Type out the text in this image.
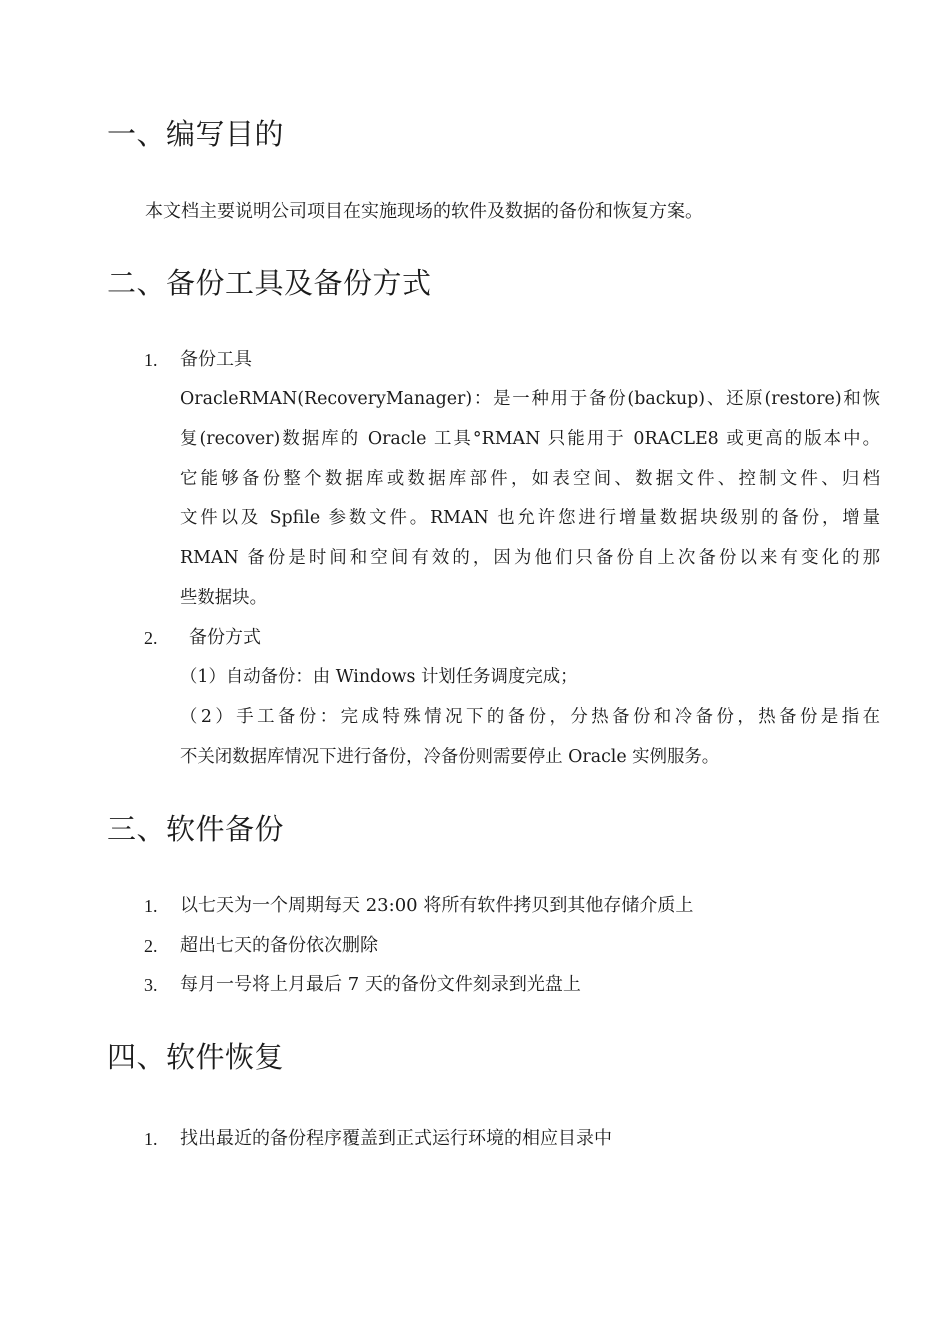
一、编写目的

本文档主要说明公司项目在实施现场的软件及数据的备份和恢复方案。

二、备份工具及备份方式
1. 备份工具

OracleRMAN(RecoveryManager)：是一种用于备份(backup)、还原(restore)和恢
复(recover)数据库的 Oracle 工具°RMAN 只能用于 0RACLE8 或更高的版本中。
它能够备份整个数据库或数据库部件，如表空间、数据文件、控制文件、归档
文件以及 Spfile 参数文件。RMAN 也允许您进行增量数据块级别的备份，增量
RMAN 备份是时间和空间有效的，因为他们只备份自上次备份以来有变化的那
些数据块。
2. 备份方式

（1）自动备份：由 Windows 计划任务调度完成；
（2）手工备份：完成特殊情况下的备份，分热备份和冷备份，热备份是指在
不关闭数据库情况下进行备份，冷备份则需要停止 Oracle 实例服务。
三、软件备份
1. 以七天为一个周期每天 23:00 将所有软件拷贝到其他存储介质上

2. 超出七天的备份依次删除

3. 每月一号将上月最后 7 天的备份文件刻录到光盘上

四、软件恢复
1. 找出最近的备份程序覆盖到正式运行环境的相应目录中
